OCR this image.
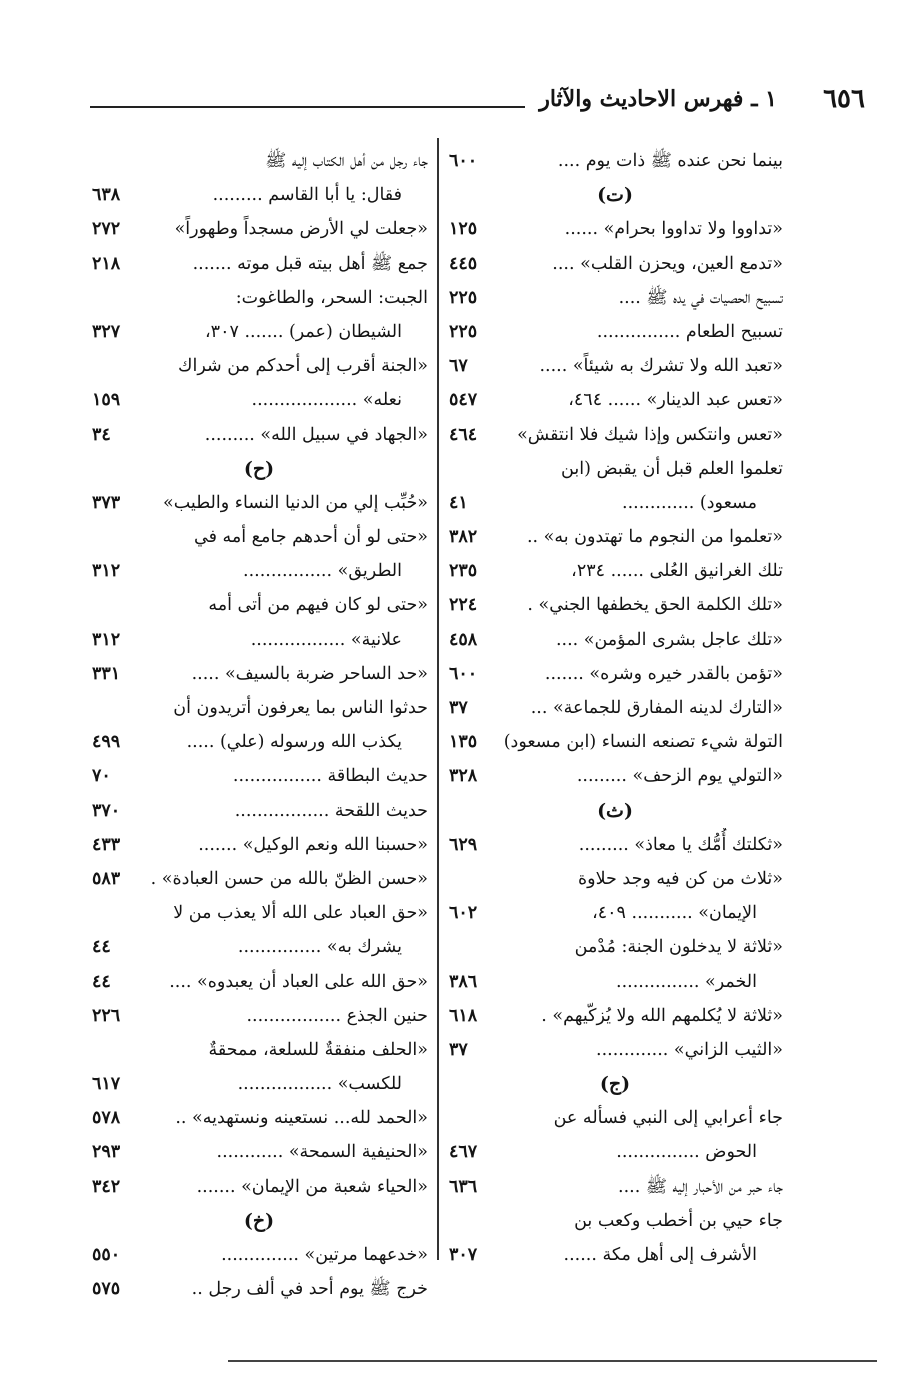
٦٥٦
١ ـ فهرس الاحاديث والآثار
بينما نحن عنده ﷺ ذات يوم ....
٦٠٠
(ت)
«تداووا ولا تداووا بحرام» ......
١٢٥
«تدمع العين، ويحزن القلب» ....
٤٤٥
تسبيح الحصيات في يده ﷺ ....
٢٢٥
تسبيح الطعام ...............
٢٢٥
«تعبد الله ولا تشرك به شيئاً» .....
٦٧
«تعس عبد الدينار» ...... ٤٦٤،
٥٤٧
«تعس وانتكس وإذا شيك فلا انتقش»
٤٦٤
تعلموا العلم قبل أن يقبض (ابن
مسعود) .............
٤١
«تعلموا من النجوم ما تهتدون به» ..
٣٨٢
تلك الغرانيق العُلى ...... ٢٣٤،
٢٣٥
«تلك الكلمة الحق يخطفها الجني» .
٢٢٤
«تلك عاجل بشرى المؤمن» ....
٤٥٨
«تؤمن بالقدر خيره وشره» .......
٦٠٠
«التارك لدينه المفارق للجماعة» ...
٣٧
التولة شيء تصنعه النساء (ابن مسعود)
١٣٥
«التولي يوم الزحف» .........
٣٢٨
(ث)
«ثكلتك أُمُّك يا معاذ» .........
٦٢٩
«ثلاث من كن فيه وجد حلاوة
الإيمان» ........... ٤٠٩،
٦٠٢
«ثلاثة لا يدخلون الجنة: مُدْمن
الخمر» ...............
٣٨٦
«ثلاثة لا يُكلمهم الله ولا يُزكّيهم» .
٦١٨
«الثيب الزاني» .............
٣٧
(ج)
جاء أعرابي إلى النبي فسأله عن
الحوض ...............
٤٦٧
جاء حبر من الأحبار إليه ﷺ ....
٦٣٦
جاء حيي بن أخطب وكعب بن
الأشرف إلى أهل مكة ......
٣٠٧
جاء رجل من أهل الكتاب إليه ﷺ
فقال: يا أبا القاسم .........
٦٣٨
«جعلت لي الأرض مسجداً وطهوراً»
٢٧٢
جمع ﷺ أهل بيته قبل موته .......
٢١٨
الجبت: السحر، والطاغوت:
الشيطان (عمر) ....... ٣٠٧،
٣٢٧
«الجنة أقرب إلى أحدكم من شراك
نعله» ...................
١٥٩
«الجهاد في سبيل الله» .........
٣٤
(ح)
«حُبِّب إلي من الدنيا النساء والطيب»
٣٧٣
«حتى لو أن أحدهم جامع أمه في
الطريق» ................
٣١٢
«حتى لو كان فيهم من أتى أمه
علانية» .................
٣١٢
«حد الساحر ضربة بالسيف» .....
٣٣١
حدثوا الناس بما يعرفون أتريدون أن
يكذب الله ورسوله (علي) .....
٤٩٩
حديث البطاقة ................
٧٠
حديث اللقحة .................
٣٧٠
«حسبنا الله ونعم الوكيل» .......
٤٣٣
«حسن الظنّ بالله من حسن العبادة» .
٥٨٣
«حق العباد على الله ألا يعذب من لا
يشرك به» ...............
٤٤
«حق الله على العباد أن يعبدوه» ....
٤٤
حنين الجذع .................
٢٢٦
«الحلف منفقةٌ للسلعة، ممحقةٌ
للكسب» .................
٦١٧
«الحمد لله... نستعينه ونستهديه» ..
٥٧٨
«الحنيفية السمحة» ............
٢٩٣
«الحياء شعبة من الإيمان» .......
٣٤٢
(خ)
«خدعهما مرتين» ..............
٥٥٠
خرج ﷺ يوم أحد في ألف رجل ..
٥٧٥
